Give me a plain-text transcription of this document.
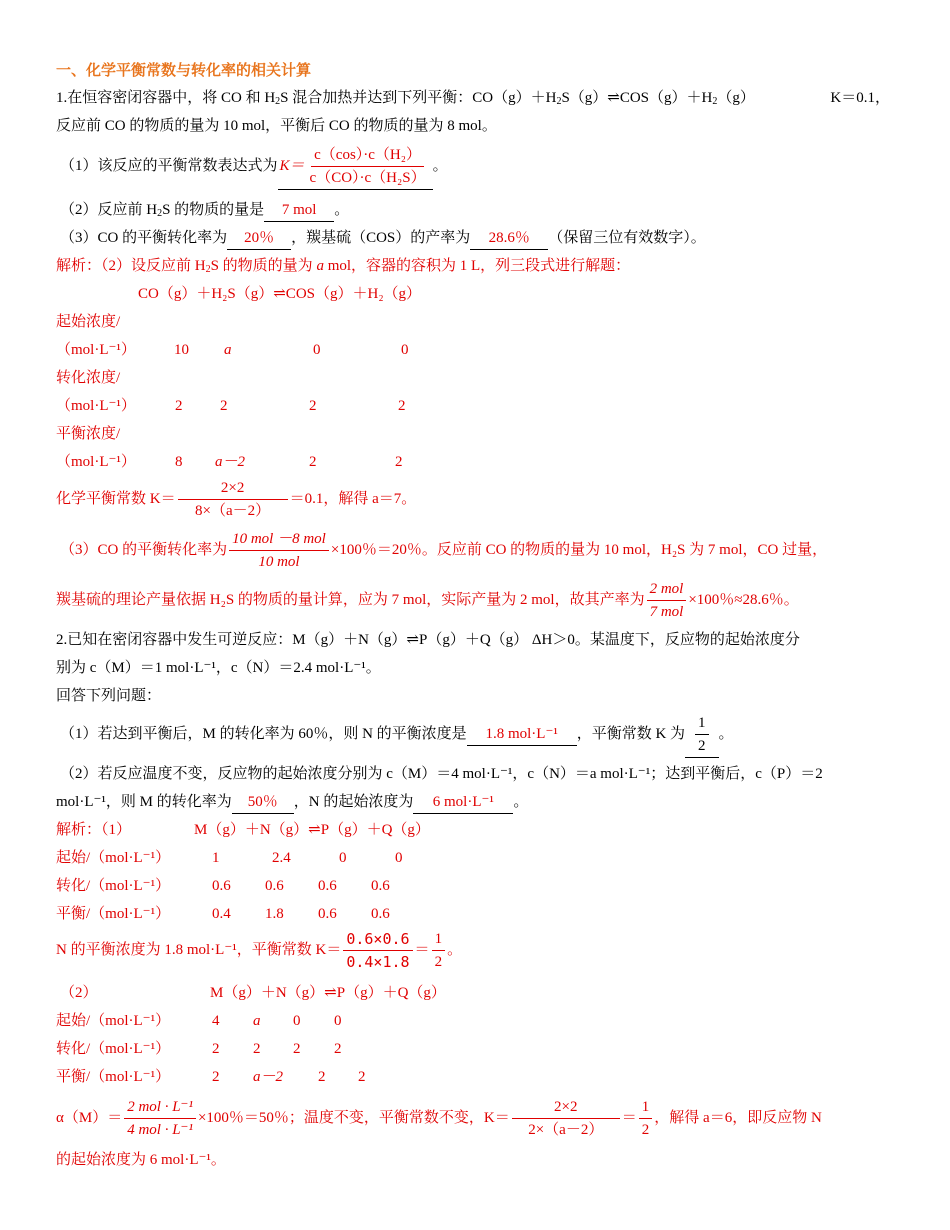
一、化学平衡常数与转化率的相关计算
1.在恒容密闭容器中，将 CO 和 $H_2S$ 混合加热并达到下列平衡：$CO(g)+H_2S(g)\rightleftharpoons COS(g)+H_2(g)$	K＝0.1，
反应前 CO 的物质的量为 10 mol，平衡后 CO 的物质的量为 8 mol。
（1）该反应的平衡常数表达式为 $K= \frac{\text{c（cos）·c（H₂）}}{\text{c（CO）·c（H₂S）}}$ 。
（2）反应前 $H_2S$ 的物质的量是 7 mol 。
（3）CO 的平衡转化率为 20％ ，羰基硫（COS）的产率为 28.6％ （保留三位有效数字）。
解析：（2）设反应前 $H_2S$ 的物质的量为 a mol，容器的容积为 1 L，列三段式进行解题：
CO（g）＋H₂S（g）⇌COS（g）＋H₂（g）
起始浓度/
（mol·L⁻¹）	10 a	0	0
转化浓度/
（mol·L⁻¹）	2	2	2	2
平衡浓度/
（mol·L⁻¹）	8 a－2	2	2
化学平衡常数 $K= \frac{2\times 2}{8\times(a-2)} =0.1$，解得 a＝7。
（3）CO 的平衡转化率为 $\frac{\text{10 mol －8 mol}}{\text{10 mol}} \times 100$％＝20％。反应前 CO 的物质的量为 10 mol，H₂S 为 7 mol，CO 过量，
羰基硫的理论产量依据 H₂S 的物质的量计算，应为 7 mol，实际产量为 2 mol，故其产率为 $\frac{\text{2 mol}}{\text{7 mol}} \times 100$％≈28.6％。
2.已知在密闭容器中发生可逆反应：M（g）＋N（g）⇌P（g）＋Q（g） ΔH＞0。某温度下，反应物的起始浓度分
别为 c（M）＝1 mol·L⁻¹，c（N）＝2.4 mol·L⁻¹。
回答下列问题：
（1）若达到平衡后，M 的转化率为 60％，则 N 的平衡浓度是 1.8 mol·L⁻¹ ，平衡常数 K 为 $\frac{1}{2}$ 。
（2）若反应温度不变，反应物的起始浓度分别为 c（M）＝4 mol·L⁻¹，c（N）＝a mol·L⁻¹；达到平衡后，c（P）＝2
mol·L⁻¹，则 M 的转化率为 50％ ，N 的起始浓度为 6 mol·L⁻¹ 。
解析：（1）	M（g）＋N（g）⇌P（g）＋Q（g）
起始/（mol·L⁻¹）	1	2.4	0	0
转化/（mol·L⁻¹）	0.6 0.6 0.6 0.6
平衡/（mol·L⁻¹）	0.4 1.8 0.6 0.6
N 的平衡浓度为 1.8 mol·L⁻¹，平衡常数 $K= \frac{0.6\times 0.6}{0.4\times 1.8} = \frac{1}{2}$ 。
（2）	M（g）＋N（g）⇌P（g）＋Q（g）
起始/（mol·L⁻¹）	4 a 0 0
转化/（mol·L⁻¹）	2 2 2 2
平衡/（mol·L⁻¹）	2 a－2 2 2
$\alpha(M)= \frac{\text{2 mol · L⁻¹}}{\text{4 mol · L⁻¹}} \times 100$％＝50％；温度不变，平衡常数不变，$K= \frac{2\times 2}{2\times(a-2)} = \frac{1}{2}$ ，解得 a＝6，即反应物 N
的起始浓度为 6 mol·L⁻¹。
